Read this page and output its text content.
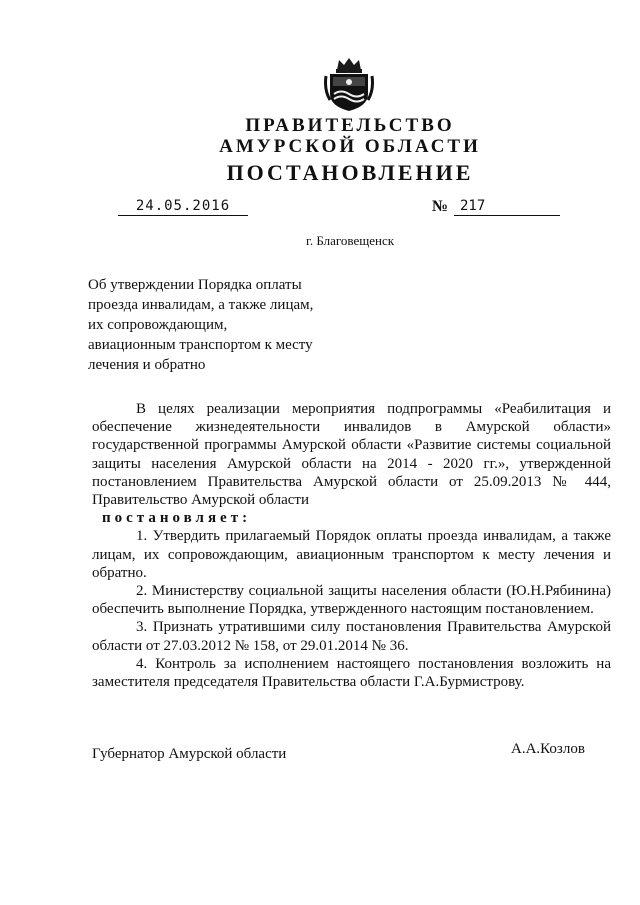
ПРАВИТЕЛЬСТВО
АМУРСКОЙ ОБЛАСТИ
ПОСТАНОВЛЕНИЕ
24.05.2016	№ 217
г. Благовещенск
Об утверждении Порядка оплаты
проезда инвалидам, а также лицам,
их сопровождающим,
авиационным транспортом к месту
лечения и обратно

В целях реализации мероприятия подпрограммы «Реабилитация и обеспечение жизнедеятельности инвалидов в Амурской области» государственной программы Амурской области «Развитие системы социальной защиты населения Амурской области на 2014 - 2020 гг.», утвержденной постановлением Правительства Амурской области от 25.09.2013 № 444, Правительство Амурской области

постановляет:

1. Утвердить прилагаемый Порядок оплаты проезда инвалидам, а также лицам, их сопровождающим, авиационным транспортом к месту лечения и обратно.

2. Министерству социальной защиты населения области (Ю.Н.Рябинина) обеспечить выполнение Порядка, утвержденного настоящим постановлением.

3. Признать утратившими силу постановления Правительства Амурской области от 27.03.2012 № 158, от 29.01.2014 № 36.

4. Контроль за исполнением настоящего постановления возложить на заместителя председателя Правительства области Г.А.Бурмистрову.

Губернатор Амурской области	А.А.Козлов
